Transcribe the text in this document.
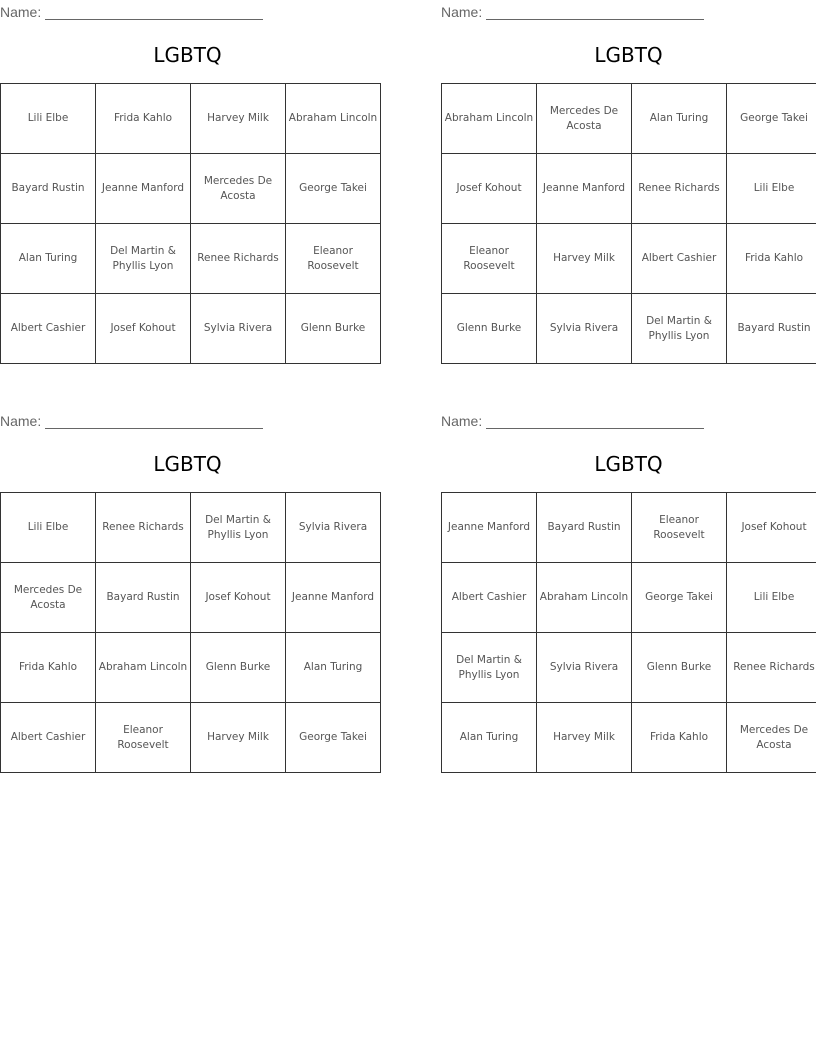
Name:
LGBTQ
Lili Elbe	Frida Kahlo	Harvey Milk	Abraham Lincoln
Bayard Rustin	Jeanne Manford	Mercedes De Acosta	George Takei
Alan Turing	Del Martin & Phyllis Lyon	Renee Richards	Eleanor Roosevelt
Albert Cashier	Josef Kohout	Sylvia Rivera	Glenn Burke
Name:
LGBTQ
Abraham Lincoln	Mercedes De Acosta	Alan Turing	George Takei
Josef Kohout	Jeanne Manford	Renee Richards	Lili Elbe
Eleanor Roosevelt	Harvey Milk	Albert Cashier	Frida Kahlo
Glenn Burke	Sylvia Rivera	Del Martin & Phyllis Lyon	Bayard Rustin
Name:
LGBTQ
Lili Elbe	Renee Richards	Del Martin & Phyllis Lyon	Sylvia Rivera
Mercedes De Acosta	Bayard Rustin	Josef Kohout	Jeanne Manford
Frida Kahlo	Abraham Lincoln	Glenn Burke	Alan Turing
Albert Cashier	Eleanor Roosevelt	Harvey Milk	George Takei
Name:
LGBTQ
Jeanne Manford	Bayard Rustin	Eleanor Roosevelt	Josef Kohout
Albert Cashier	Abraham Lincoln	George Takei	Lili Elbe
Del Martin & Phyllis Lyon	Sylvia Rivera	Glenn Burke	Renee Richards
Alan Turing	Harvey Milk	Frida Kahlo	Mercedes De Acosta
